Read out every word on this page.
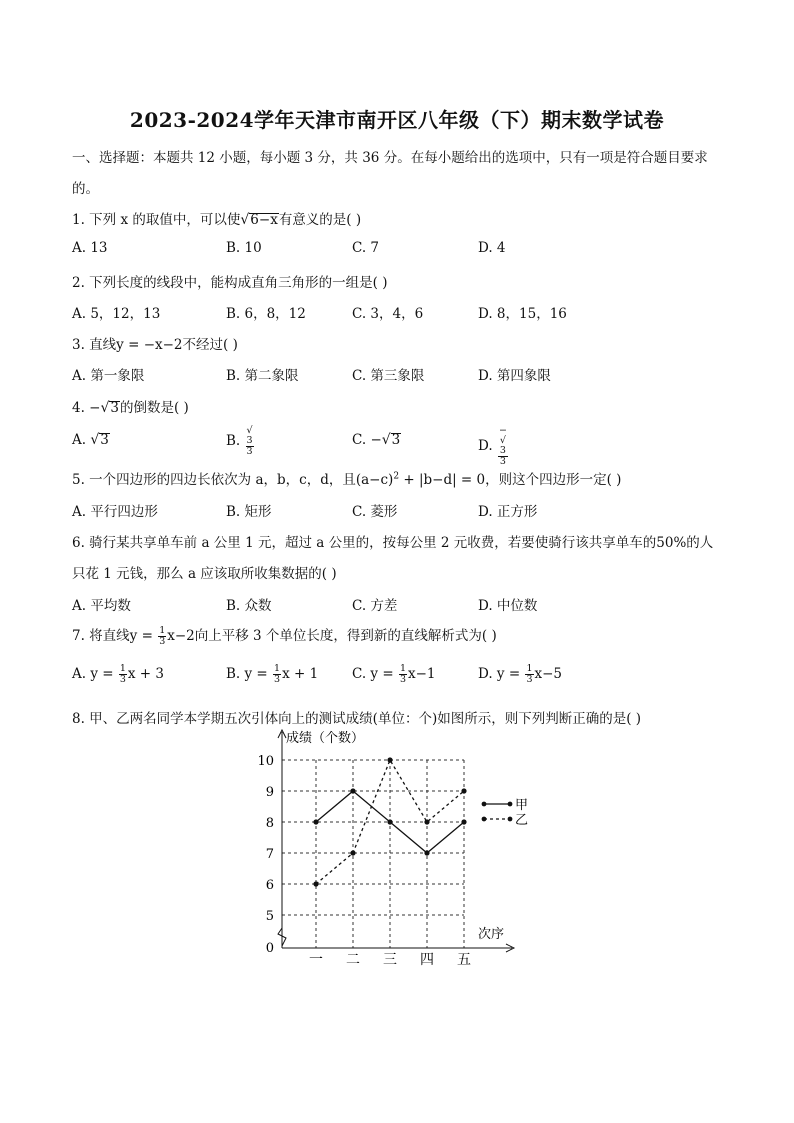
2023-2024学年天津市南开区八年级（下）期末数学试卷
一、选择题：本题共 12 小题，每小题 3 分，共 36 分。在每小题给出的选项中，只有一项是符合题目要求
的。
1. 下列 x 的取值中，可以使√6−x有意义的是( )
A. 13	B. 10	C. 7	D. 4
2. 下列长度的线段中，能构成直角三角形的一组是( )
A. 5，12，13	B. 6，8，12	C. 3，4，6	D. 8，15，16
3. 直线y = −x−2不经过( )
A. 第一象限	B. 第二象限	C. 第三象限	D. 第四象限
4. −√3的倒数是( )
A. √3	B. √
3
3	C. −√3	D. −
√
3
3
5. 一个四边形的四边长依次为 a，b，c，d，且$(a-c)^2 + |b-d| = 0$，则这个四边形一定( )
A. 平行四边形	B. 矩形	C. 菱形	D. 正方形
6. 骑行某共享单车前 a 公里 1 元，超过 a 公里的，按每公里 2 元收费，若要使骑行该共享单车的50%的人
只花 1 元钱，那么 a 应该取所收集数据的( )
A. 平均数	B. 众数	C. 方差	D. 中位数
7. 将直线$y = \frac{1}{3} x-2$向上平移 3 个单位长度，得到新的直线解析式为( )
A. $y = \frac{1}{3}$ x + 3	B. $y = \frac{1}{3}$ x + 1	C. $y = \frac{1}{3} x-1$	D. $y = \frac{1}{3} x-5$
8. 甲、乙两名同学本学期五次引体向上的测试成绩(单位：个)如图所示，则下列判断正确的是( )
0
5
6
7
8
9
10
一 二 三 四 五
成绩（个数）
次序
甲
乙
